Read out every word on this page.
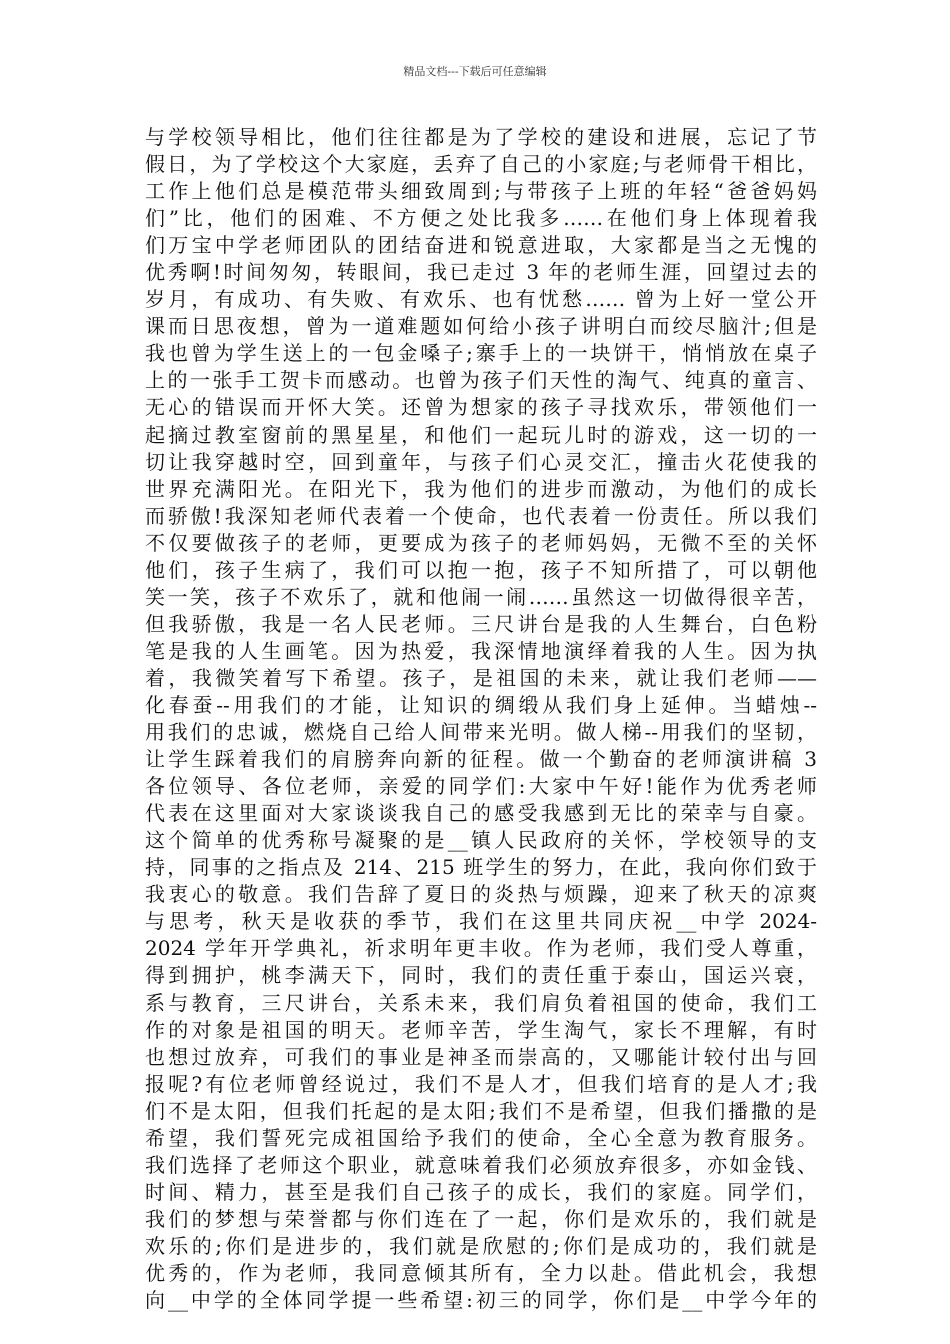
精品文档---下载后可任意编辑
与学校领导相比，他们往往都是为了学校的建设和进展，忘记了节
假日，为了学校这个大家庭，丢弃了自己的小家庭;与老师骨干相比，
工作上他们总是模范带头细致周到;与带孩子上班的年轻“爸爸妈妈
们”比，他们的困难、不方便之处比我多……在他们身上体现着我
们万宝中学老师团队的团结奋进和锐意进取，大家都是当之无愧的
优秀啊!时间匆匆，转眼间，我已走过 3 年的老师生涯，回望过去的
岁月，有成功、有失败、有欢乐、也有忧愁…… 曾为上好一堂公开
课而日思夜想，曾为一道难题如何给小孩子讲明白而绞尽脑汁;但是
我也曾为学生送上的一包金嗓子;寨手上的一块饼干，悄悄放在桌子
上的一张手工贺卡而感动。也曾为孩子们天性的淘气、纯真的童言、
无心的错误而开怀大笑。还曾为想家的孩子寻找欢乐，带领他们一
起摘过教室窗前的黑星星，和他们一起玩儿时的游戏，这一切的一
切让我穿越时空，回到童年，与孩子们心灵交汇，撞击火花使我的
世界充满阳光。在阳光下，我为他们的进步而激动，为他们的成长
而骄傲!我深知老师代表着一个使命，也代表着一份责任。所以我们
不仅要做孩子的老师，更要成为孩子的老师妈妈，无微不至的关怀
他们，孩子生病了，我们可以抱一抱，孩子不知所措了，可以朝他
笑一笑，孩子不欢乐了，就和他闹一闹……虽然这一切做得很辛苦，
但我骄傲，我是一名人民老师。三尺讲台是我的人生舞台，白色粉
笔是我的人生画笔。因为热爱，我深情地演绎着我的人生。因为执
着，我微笑着写下希望。孩子，是祖国的未来，就让我们老师——
化春蚕--用我们的才能，让知识的绸缎从我们身上延伸。当蜡烛--
用我们的忠诚，燃烧自己给人间带来光明。做人梯--用我们的坚韧，
让学生踩着我们的肩膀奔向新的征程。做一个勤奋的老师演讲稿 3
各位领导、各位老师，亲爱的同学们:大家中午好!能作为优秀老师
代表在这里面对大家谈谈我自己的感受我感到无比的荣幸与自豪。
这个简单的优秀称号凝聚的是__镇人民政府的关怀，学校领导的支
持，同事的之指点及 214、215 班学生的努力，在此，我向你们致于
我衷心的敬意。我们告辞了夏日的炎热与烦躁，迎来了秋天的凉爽
与思考，秋天是收获的季节，我们在这里共同庆祝__中学 2024-
2024 学年开学典礼，祈求明年更丰收。作为老师，我们受人尊重，
得到拥护，桃李满天下，同时，我们的责任重于泰山，国运兴衰，
系与教育，三尺讲台，关系未来，我们肩负着祖国的使命，我们工
作的对象是祖国的明天。老师辛苦，学生淘气，家长不理解，有时
也想过放弃，可我们的事业是神圣而崇高的，又哪能计较付出与回
报呢?有位老师曾经说过，我们不是人才，但我们培育的是人才;我
们不是太阳，但我们托起的是太阳;我们不是希望，但我们播撒的是
希望，我们誓死完成祖国给予我们的使命，全心全意为教育服务。
我们选择了老师这个职业，就意味着我们必须放弃很多，亦如金钱、
时间、精力，甚至是我们自己孩子的成长，我们的家庭。同学们，
我们的梦想与荣誉都与你们连在了一起，你们是欢乐的，我们就是
欢乐的;你们是进步的，我们就是欣慰的;你们是成功的，我们就是
优秀的，作为老师，我同意倾其所有，全力以赴。借此机会，我想
向__中学的全体同学提一些希望:初三的同学，你们是__中学今年的
